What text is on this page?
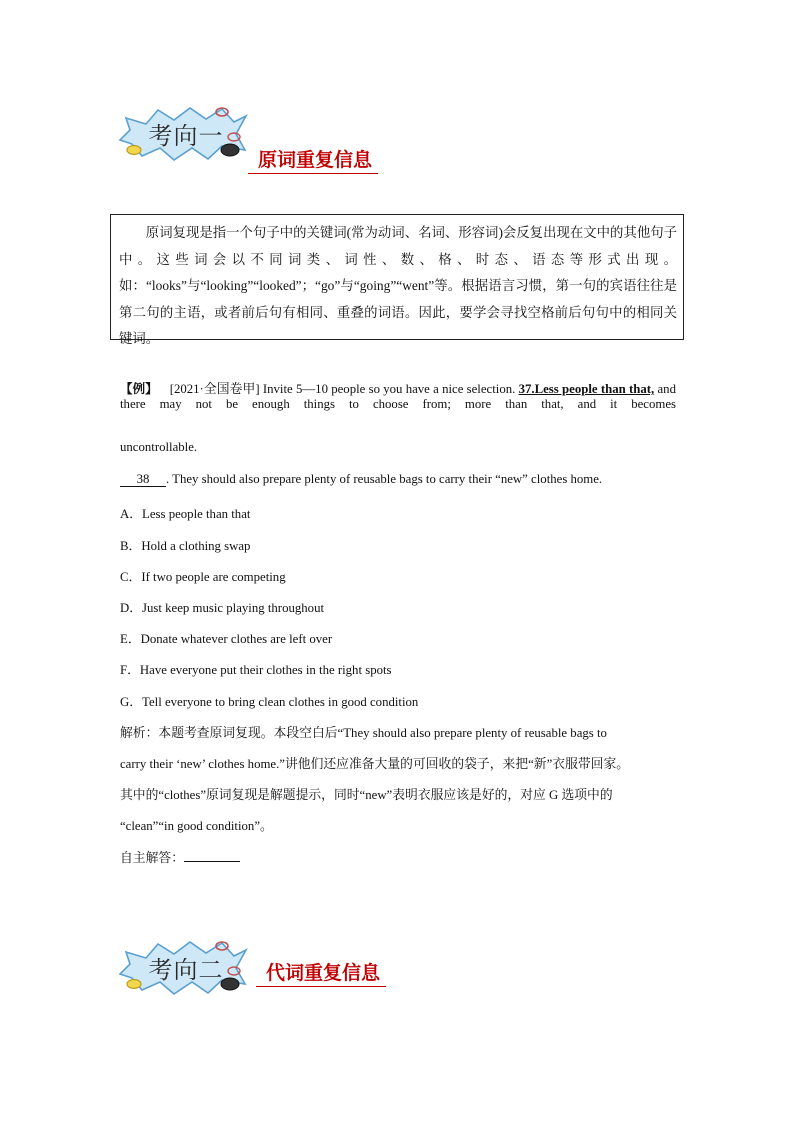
考向一
原词重复信息
原词复现是指一个句子中的关键词(常为动词、名词、形容词)会反复出现在文中的其他句子中。这些词会以不同词类、词性、数、格、时态、语态等形式出现。如：“looks”与“looking”“looked”；“go”与“going”“went”等。根据语言习惯，第一句的宾语往往是第二句的主语，或者前后句有相同、重叠的词语。因此，要学会寻找空格前后句句中的相同关键词。
【例】 [2021·全国卷甲] Invite 5—10 people so you have a nice selection. 37.Less people than that, and there may not be enough things to choose from; more than that, and it becomes
uncontrollable.
38 . They should also prepare plenty of reusable bags to carry their “new” clothes home.
A．Less people than that
B．Hold a clothing swap
C．If two people are competing
D．Just keep music playing throughout
E．Donate whatever clothes are left over
F．Have everyone put their clothes in the right spots
G．Tell everyone to bring clean clothes in good condition
解析：本题考查原词复现。本段空白后“They should also prepare plenty of reusable bags to
carry their ‘new’ clothes home.”讲他们还应准备大量的可回收的袋子，来把“新”衣服带回家。
其中的“clothes”原词复现是解题提示，同时“new”表明衣服应该是好的，对应 G 选项中的
“clean”“in good condition”。
自主解答：
考向二	代词重复信息
